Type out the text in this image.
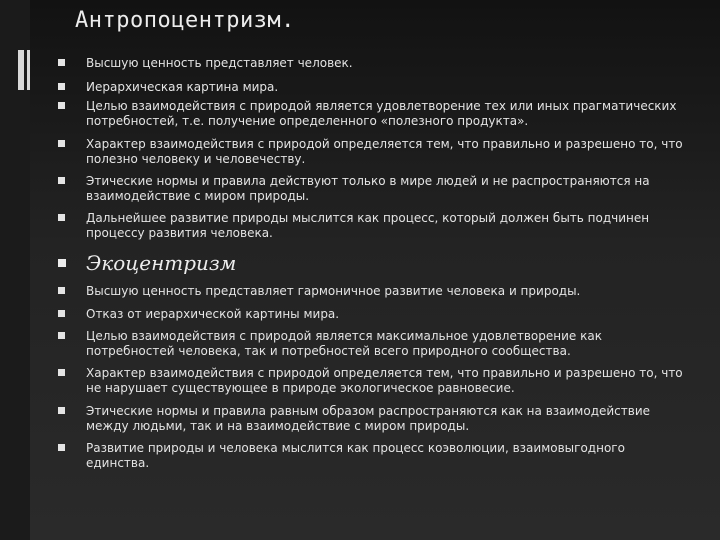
Антропоцентризм.
Высшую ценность представляет человек.
Иерархическая картина мира.
Целью взаимодействия с природой является удовлетворение тех или иных прагматических потребностей, т.е. получение определенного «полезного продукта».
Характер взаимодействия с природой определяется тем, что правильно и разрешено то, что полезно человеку и человечеству.
Этические нормы и правила действуют только в мире людей и не распространяются на взаимодействие с миром природы.
Дальнейшее развитие природы мыслится как процесс, который должен быть подчинен процессу развития человека.
Экоцентризм
Высшую ценность представляет гармоничное развитие человека и природы.
Отказ от иерархической картины мира.
Целью взаимодействия с природой является максимальное удовлетворение как потребностей человека, так и потребностей всего природного сообщества.
Характер взаимодействия с природой определяется тем, что правильно и разрешено то, что не нарушает существующее в природе экологическое равновесие.
Этические нормы и правила равным образом распространяются как на взаимодействие между людьми, так и на взаимодействие с миром природы.
Развитие природы и человека мыслится как процесс коэволюции, взаимовыгодного единства.
